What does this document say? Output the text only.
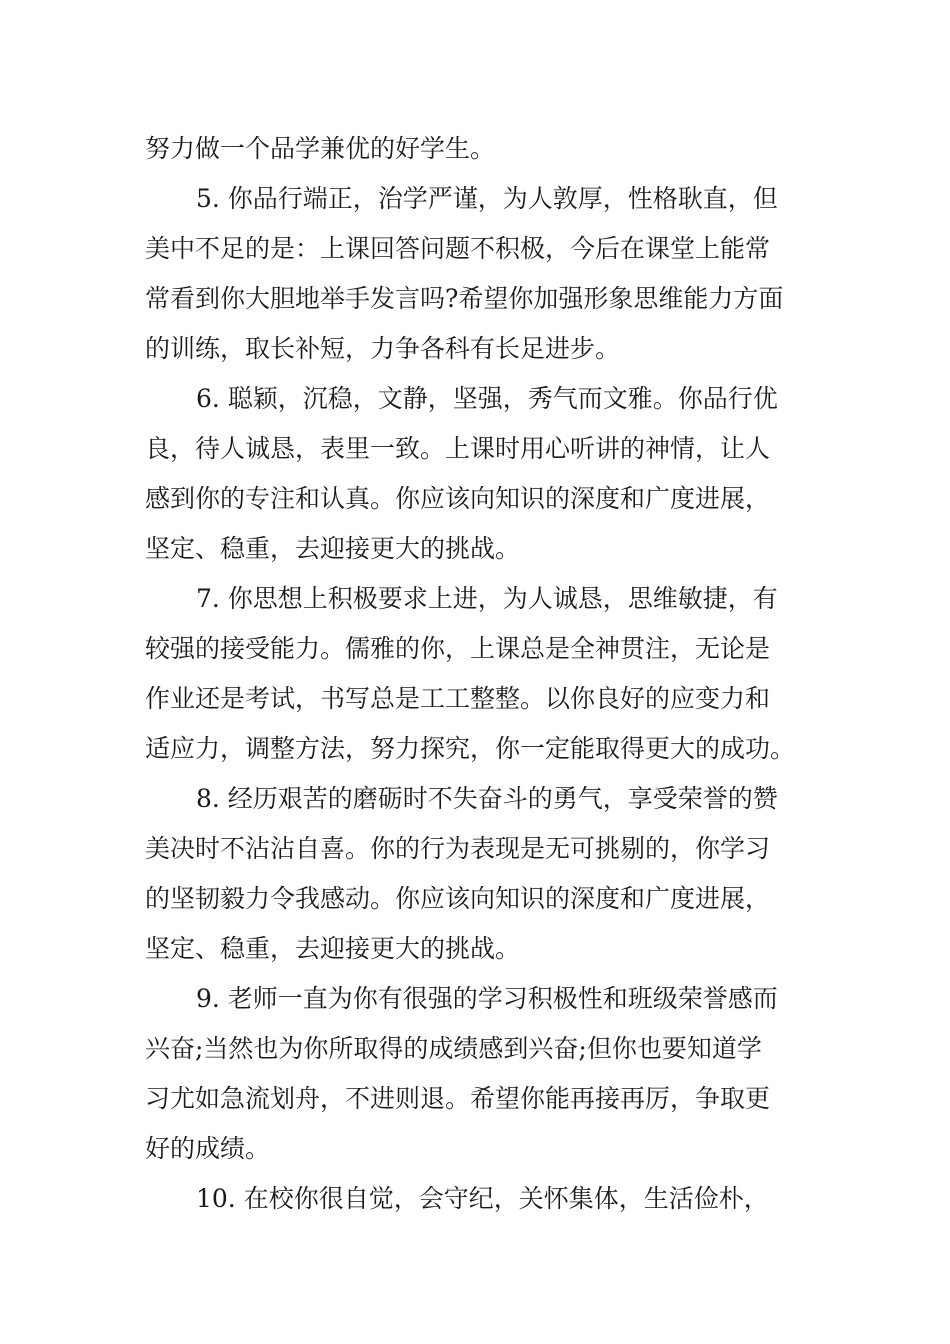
努力做一个品学兼优的好学生。
5. 你品行端正，治学严谨，为人敦厚，性格耿直，但
美中不足的是：上课回答问题不积极，今后在课堂上能常
常看到你大胆地举手发言吗?希望你加强形象思维能力方面
的训练，取长补短，力争各科有长足进步。
6. 聪颖，沉稳，文静，坚强，秀气而文雅。你品行优
良，待人诚恳，表里一致。上课时用心听讲的神情，让人
感到你的专注和认真。你应该向知识的深度和广度进展，
坚定、稳重，去迎接更大的挑战。
7. 你思想上积极要求上进，为人诚恳，思维敏捷，有
较强的接受能力。儒雅的你，上课总是全神贯注，无论是
作业还是考试，书写总是工工整整。以你良好的应变力和
适应力，调整方法，努力探究，你一定能取得更大的成功。
8. 经历艰苦的磨砺时不失奋斗的勇气，享受荣誉的赞
美决时不沾沾自喜。你的行为表现是无可挑剔的，你学习
的坚韧毅力令我感动。你应该向知识的深度和广度进展，
坚定、稳重，去迎接更大的挑战。
9. 老师一直为你有很强的学习积极性和班级荣誉感而
兴奋;当然也为你所取得的成绩感到兴奋;但你也要知道学
习尤如急流划舟，不进则退。希望你能再接再厉，争取更
好的成绩。
10. 在校你很自觉，会守纪，关怀集体，生活俭朴，
